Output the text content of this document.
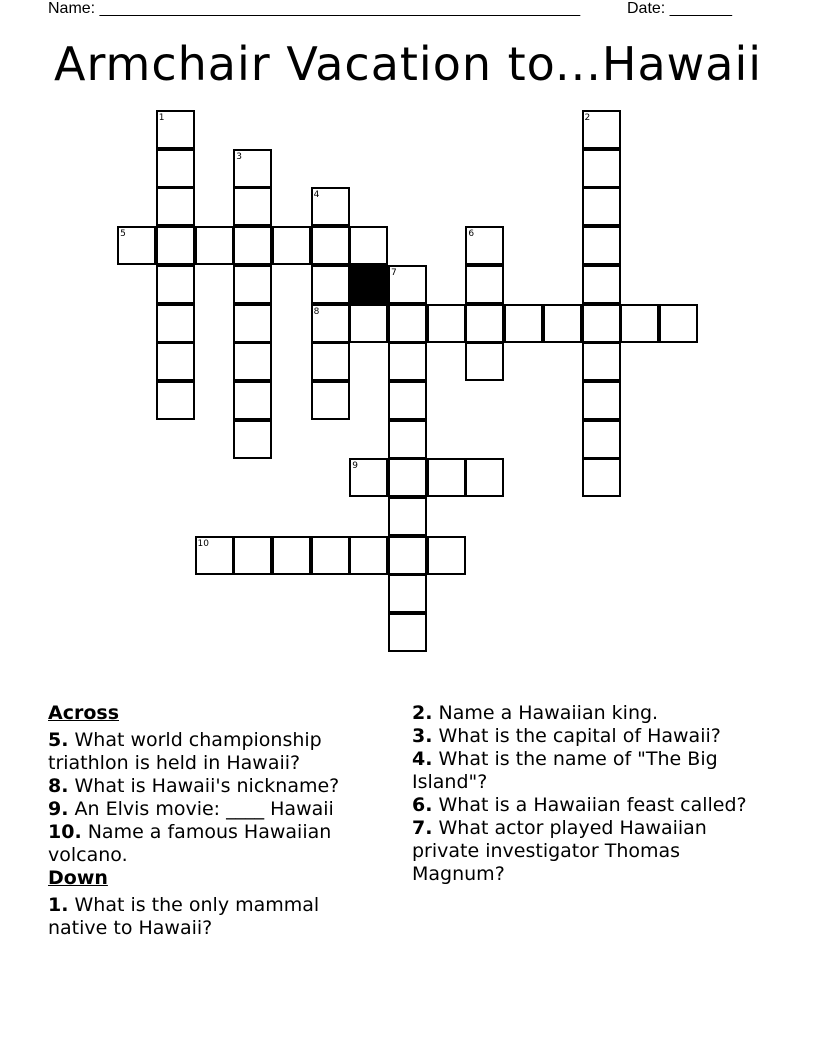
Name: ______________________________________________________	Date: _______
Armchair Vacation to...Hawaii
1	2
3
4
5	6
7
8
9
10
Across
5. What world championship triathlon is held in Hawaii?
8. What is Hawaii's nickname?
9. An Elvis movie: ____ Hawaii
10. Name a famous Hawaiian volcano.
Down
1. What is the only mammal native to Hawaii?
2. Name a Hawaiian king.
3. What is the capital of Hawaii?
4. What is the name of "The Big Island"?
6. What is a Hawaiian feast called?
7. What actor played Hawaiian private investigator Thomas Magnum?
